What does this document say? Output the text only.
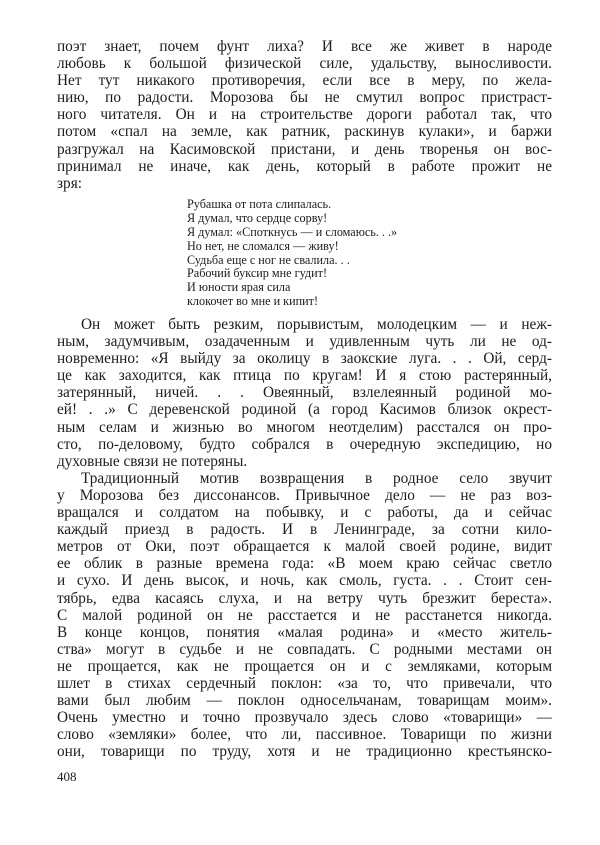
поэт знает, почем фунт лиха? И все же живет в народе
любовь к большой физической силе, удальству, выносливости.
Нет тут никакого противоречия, если все в меру, по жела-
нию, по радости. Морозова бы не смутил вопрос пристраст-
ного читателя. Он и на строительстве дороги работал так, что
потом «спал на земле, как ратник, раскинув кулаки», и баржи
разгружал на Касимовской пристани, и день творенья он вос-
принимал не иначе, как день, который в работе прожит не
зря:
Рубашка от пота слипалась.
Я думал, что сердце сорву!
Я думал: «Споткнусь — и сломаюсь. . .»
Но нет, не сломался — живу!
Судьба еще с ног не свалила. . .
Рабочий буксир мне гудит!
И юности ярая сила
клокочет во мне и кипит!
Он может быть резким, порывистым, молодецким — и неж-
ным, задумчивым, озадаченным и удивленным чуть ли не од-
новременно: «Я выйду за околицу в заокские луга. . . Ой, серд-
це как заходится, как птица по кругам! И я стою растерянный,
затерянный, ничей. . . Овеянный, взлелеянный родиной мо-
ей! . .» С деревенской родиной (а город Касимов близок окрест-
ным селам и жизнью во многом неотделим) расстался он про-
сто, по-деловому, будто собрался в очередную экспедицию, но
духовные связи не потеряны.
Традиционный мотив возвращения в родное село звучит
у Морозова без диссонансов. Привычное дело — не раз воз-
вращался и солдатом на побывку, и с работы, да и сейчас
каждый приезд в радость. И в Ленинграде, за сотни кило-
метров от Оки, поэт обращается к малой своей родине, видит
ее облик в разные времена года: «В моем краю сейчас светло
и сухо. И день высок, и ночь, как смоль, густа. . . Стоит сен-
тябрь, едва касаясь слуха, и на ветру чуть брезжит береста».
С малой родиной он не расстается и не расстанется никогда.
В конце концов, понятия «малая родина» и «место житель-
ства» могут в судьбе и не совпадать. С родными местами он
не прощается, как не прощается он и с земляками, которым
шлет в стихах сердечный поклон: «за то, что привечали, что
вами был любим — поклон односельчанам, товарищам моим».
Очень уместно и точно прозвучало здесь слово «товарищи» —
слово «земляки» более, что ли, пассивное. Товарищи по жизни
они, товарищи по труду, хотя и не традиционно крестьянско-
408
